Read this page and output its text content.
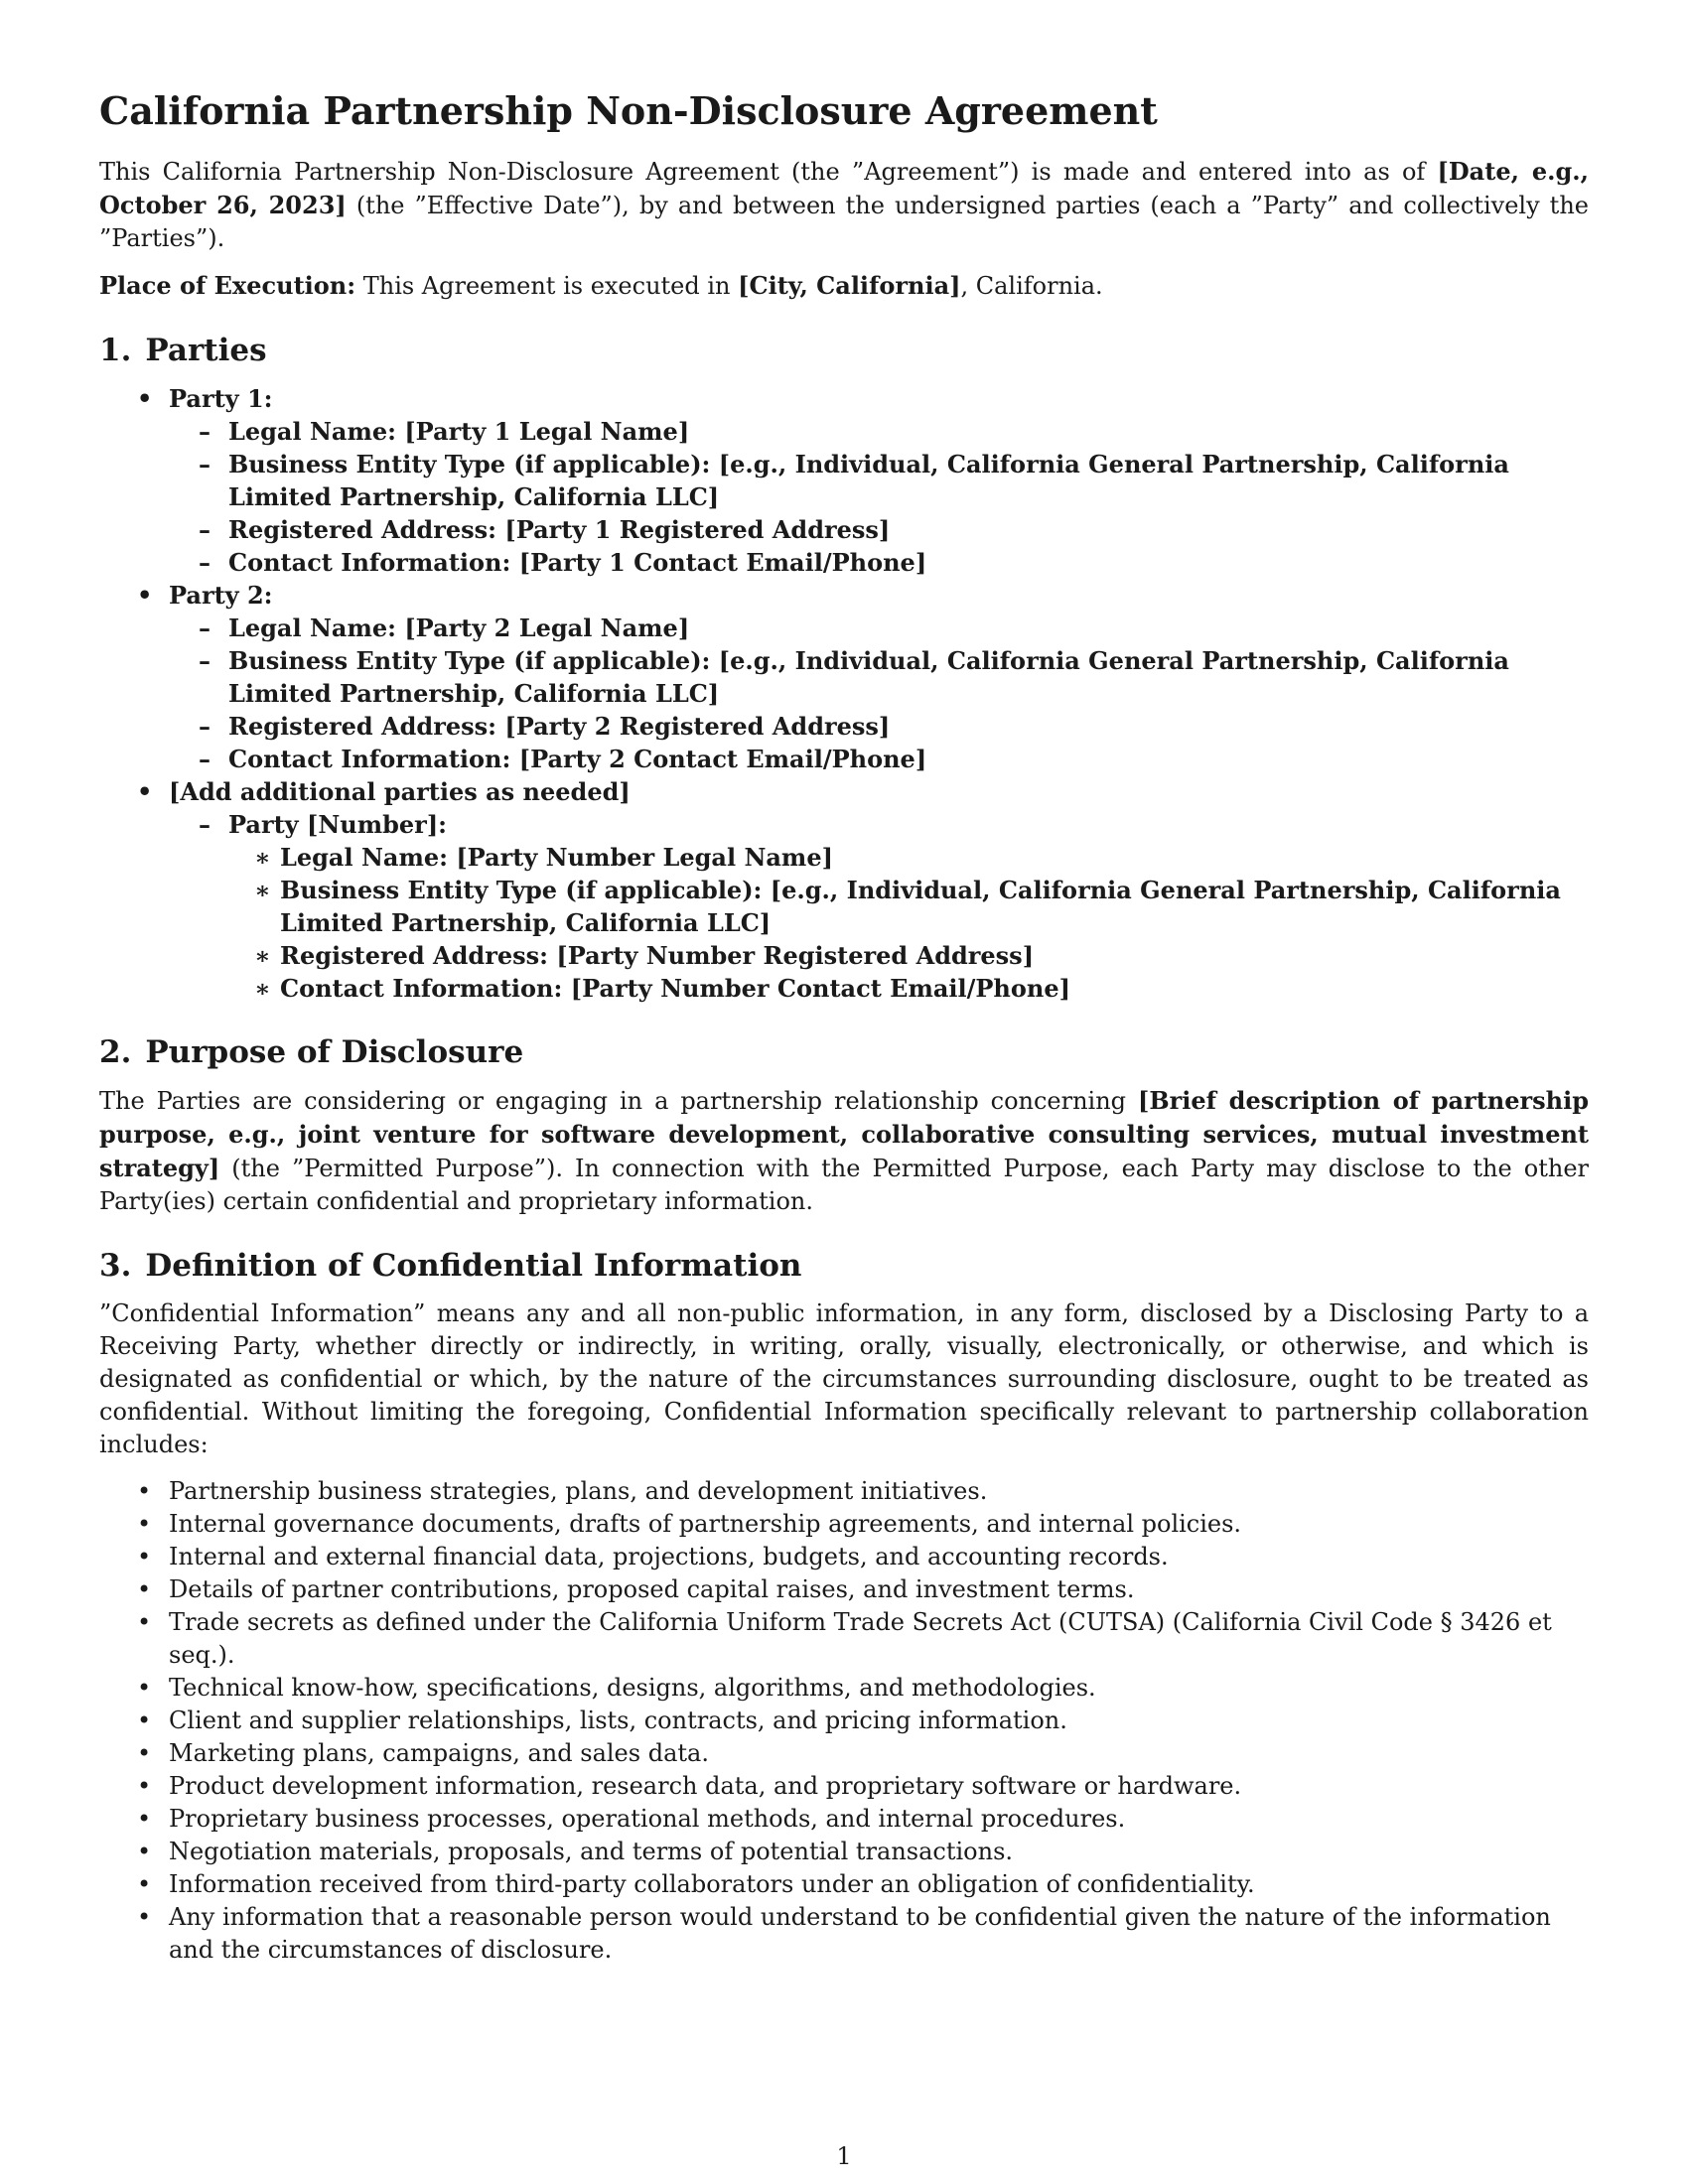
California Partnership Non-Disclosure Agreement

This California Partnership Non-Disclosure Agreement (the ”Agreement”) is made and entered into as of [Date, e.g., October 26, 2023] (the ”Effective Date”), by and between the undersigned parties (each a ”Party” and collectively the ”Parties”).

Place of Execution: This Agreement is executed in [City, California], California.

1. Parties
• Party 1:
– Legal Name: [Party 1 Legal Name]
– Business Entity Type (if applicable): [e.g., Individual, California General Partnership, California Limited Partnership, California LLC]
– Registered Address: [Party 1 Registered Address]
– Contact Information: [Party 1 Contact Email/Phone]
• Party 2:
– Legal Name: [Party 2 Legal Name]
– Business Entity Type (if applicable): [e.g., Individual, California General Partnership, California Limited Partnership, California LLC]
– Registered Address: [Party 2 Registered Address]
– Contact Information: [Party 2 Contact Email/Phone]
• [Add additional parties as needed]
– Party [Number]:
∗ Legal Name: [Party Number Legal Name]
∗ Business Entity Type (if applicable): [e.g., Individual, California General Partnership, California Limited Partnership, California LLC]
∗ Registered Address: [Party Number Registered Address]
∗ Contact Information: [Party Number Contact Email/Phone]
2. Purpose of Disclosure

The Parties are considering or engaging in a partnership relationship concerning [Brief description of partnership purpose, e.g., joint venture for software development, collaborative consulting services, mutual investment strategy] (the ”Permitted Purpose”). In connection with the Permitted Purpose, each Party may disclose to the other Party(ies) certain confidential and proprietary information.

3. Definition of Confidential Information

”Confidential Information” means any and all non-public information, in any form, disclosed by a Disclosing Party to a Receiving Party, whether directly or indirectly, in writing, orally, visually, electronically, or otherwise, and which is designated as confidential or which, by the nature of the circumstances surrounding disclosure, ought to be treated as confidential. Without limiting the foregoing, Confidential Information specifically relevant to partnership collaboration includes:

• Partnership business strategies, plans, and development initiatives.
• Internal governance documents, drafts of partnership agreements, and internal policies.
• Internal and external financial data, projections, budgets, and accounting records.
• Details of partner contributions, proposed capital raises, and investment terms.
• Trade secrets as defined under the California Uniform Trade Secrets Act (CUTSA) (California Civil Code § 3426 et seq.).
• Technical know-how, specifications, designs, algorithms, and methodologies.
• Client and supplier relationships, lists, contracts, and pricing information.
• Marketing plans, campaigns, and sales data.
• Product development information, research data, and proprietary software or hardware.
• Proprietary business processes, operational methods, and internal procedures.
• Negotiation materials, proposals, and terms of potential transactions.
• Information received from third-party collaborators under an obligation of confidentiality.
• Any information that a reasonable person would understand to be confidential given the nature of the information and the circumstances of disclosure.
1
